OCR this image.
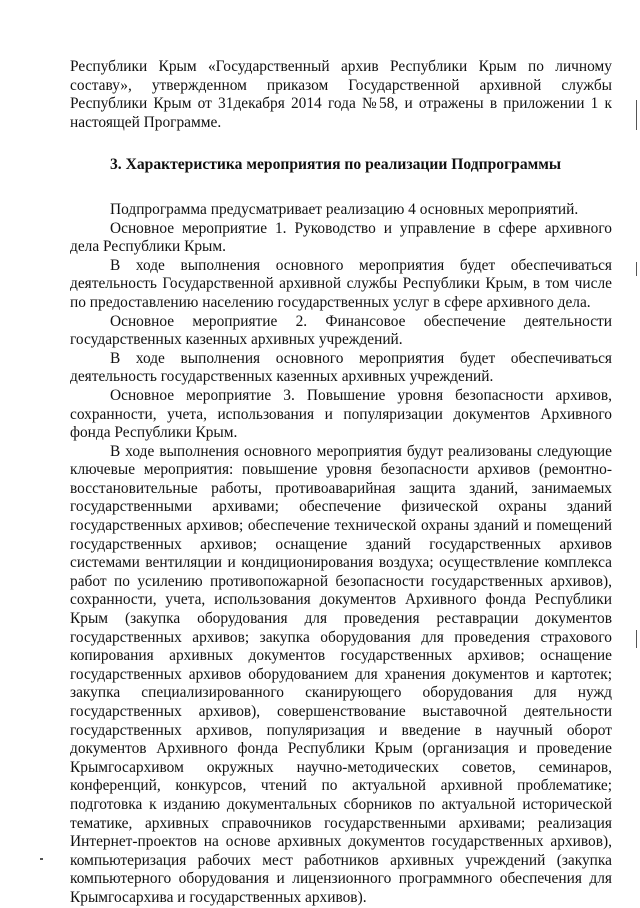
Республики Крым «Государственный архив Республики Крым по личному составу», утвержденном приказом Государственной архивной службы Республики Крым от 31декабря 2014 года №58, и отражены в приложении 1 к настоящей Программе.

3. Характеристика мероприятия по реализации Подпрограммы

Подпрограмма предусматривает реализацию 4 основных мероприятий.

Основное мероприятие 1. Руководство и управление в сфере архивного дела Республики Крым.

В ходе выполнения основного мероприятия будет обеспечиваться деятельность Государственной архивной службы Республики Крым, в том числе по предоставлению населению государственных услуг в сфере архивного дела.

Основное мероприятие 2. Финансовое обеспечение деятельности государственных казенных архивных учреждений.

В ходе выполнения основного мероприятия будет обеспечиваться деятельность государственных казенных архивных учреждений.

Основное мероприятие 3. Повышение уровня безопасности архивов, сохранности, учета, использования и популяризации документов Архивного фонда Республики Крым.

В ходе выполнения основного мероприятия будут реализованы следующие ключевые мероприятия: повышение уровня безопасности архивов (ремонтно-восстановительные работы, противоаварийная защита зданий, занимаемых государственными архивами; обеспечение физической охраны зданий государственных архивов; обеспечение технической охраны зданий и помещений государственных архивов; оснащение зданий государственных архивов системами вентиляции и кондиционирования воздуха; осуществление комплекса работ по усилению противопожарной безопасности государственных архивов), сохранности, учета, использования документов Архивного фонда Республики Крым (закупка оборудования для проведения реставрации документов государственных архивов; закупка оборудования для проведения страхового копирования архивных документов государственных архивов; оснащение государственных архивов оборудованием для хранения документов и картотек; закупка специализированного сканирующего оборудования для нужд государственных архивов), совершенствование выставочной деятельности государственных архивов, популяризация и введение в научный оборот документов Архивного фонда Республики Крым (организация и проведение Крымгосархивом окружных научно-методических советов, семинаров, конференций, конкурсов, чтений по актуальной архивной проблематике; подготовка к изданию документальных сборников по актуальной исторической тематике, архивных справочников государственными архивами; реализация Интернет-проектов на основе архивных документов государственных архивов), компьютеризация рабочих мест работников архивных учреждений (закупка компьютерного оборудования и лицензионного программного обеспечения для Крымгосархива и государственных архивов).
